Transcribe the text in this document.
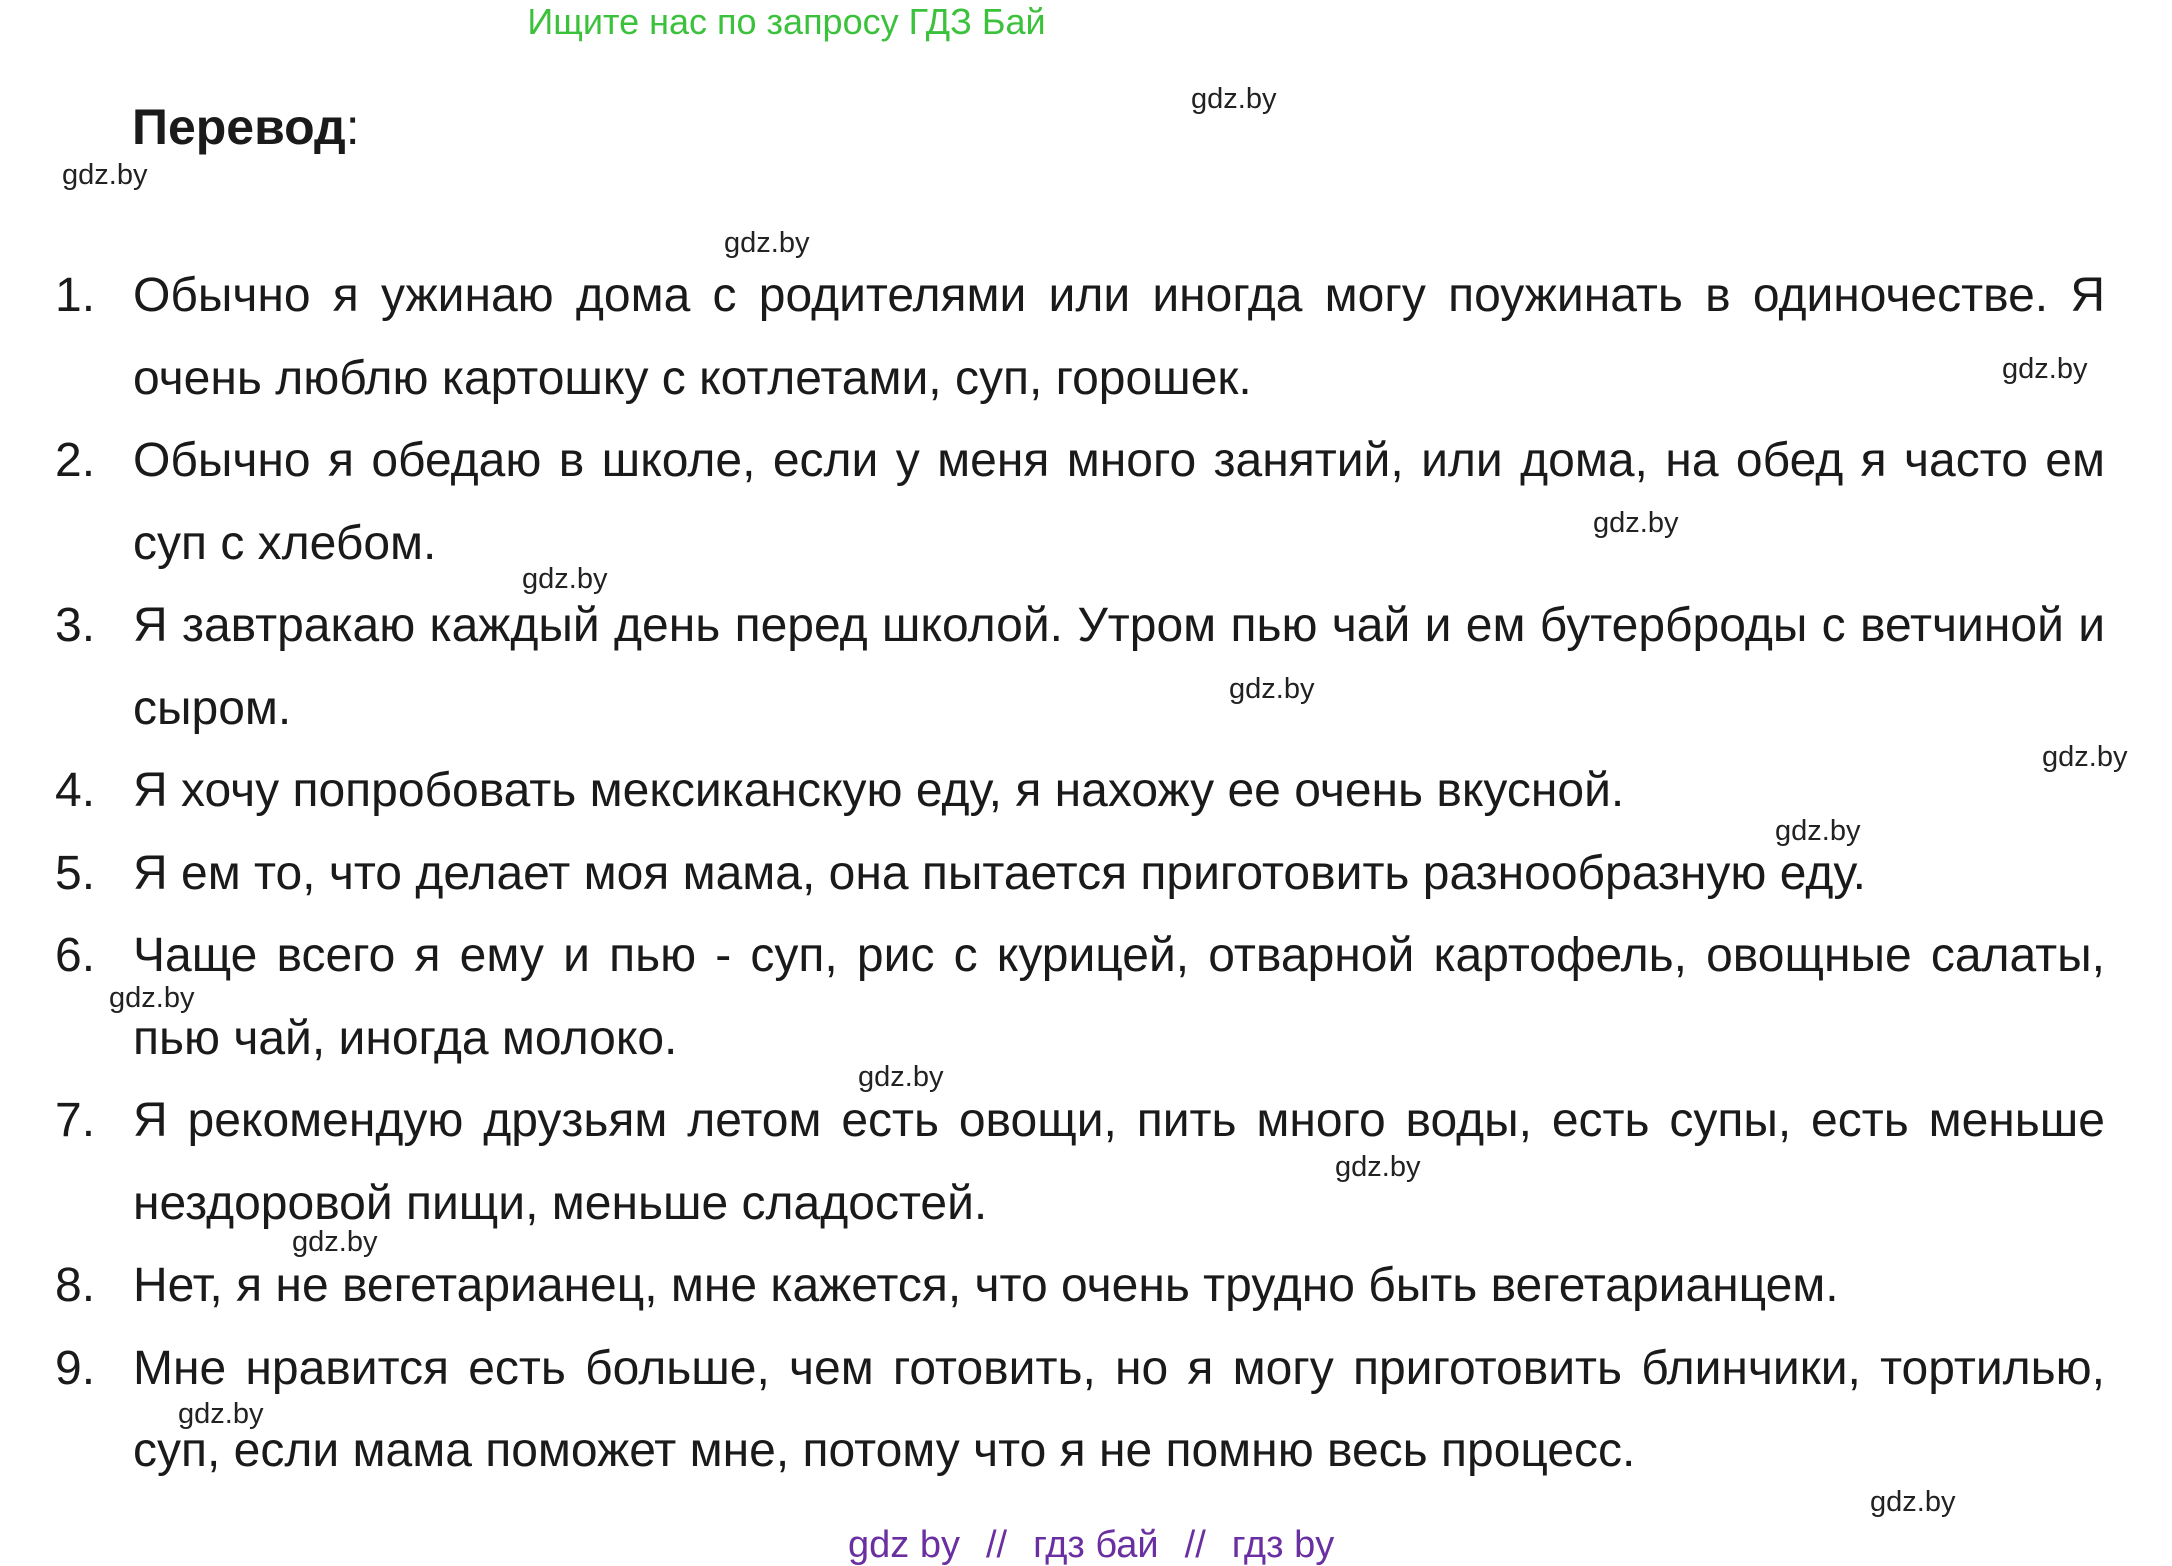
Ищите нас по запросу ГДЗ Бай
Перевод:
1. Обычно я ужинаю дома с родителями или иногда могу поужинать в одиночестве. Я очень люблю картошку с котлетами, суп, горошек.
2. Обычно я обедаю в школе, если у меня много занятий, или дома, на обед я часто ем суп с хлебом.
3. Я завтракаю каждый день перед школой. Утром пью чай и ем бутерброды с ветчиной и сыром.
4. Я хочу попробовать мексиканскую еду, я нахожу ее очень вкусной.
5. Я ем то, что делает моя мама, она пытается приготовить разнообразную еду.
6. Чаще всего я ему и пью - суп, рис с курицей, отварной картофель, овощные салаты, пью чай, иногда молоко.
7. Я рекомендую друзьям летом есть овощи, пить много воды, есть супы, есть меньше нездоровой пищи, меньше сладостей.
8. Нет, я не вегетарианец, мне кажется, что очень трудно быть вегетарианцем.
9. Мне нравится есть больше, чем готовить, но я могу приготовить блинчики, тортилью, суп, если мама поможет мне, потому что я не помню весь процесс.
gdz.by
gdz.by
gdz.by
gdz.by
gdz.by
gdz.by
gdz.by
gdz.by
gdz.by
gdz.by
gdz.by
gdz.by
gdz.by
gdz.by
gdz.by
gdz by // гдз бай // гдз by
